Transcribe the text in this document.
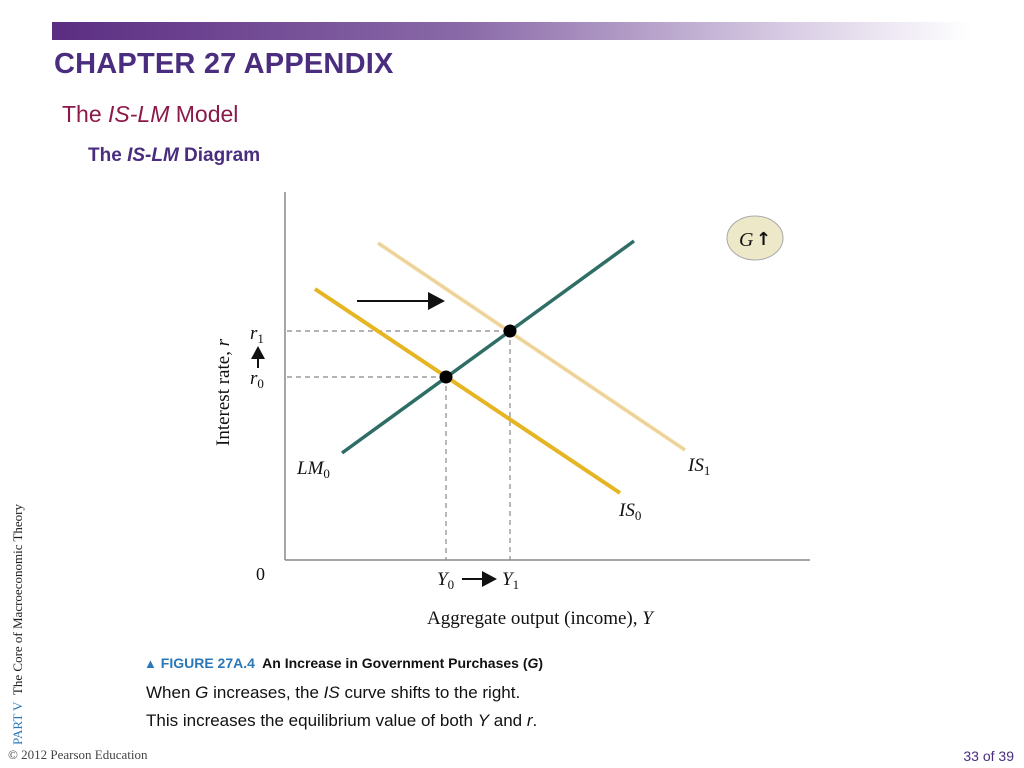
CHAPTER 27 APPENDIX
The IS-LM Model
The IS-LM Diagram
PART V  The Core of Macroeconomic Theory
G ↑
Interest rate, r
Aggregate output (income), Y
0
$r_1$
$r_0$
$Y_0$	$Y_1$
$LM_0$
$IS_0$
$IS_1$
▲ FIGURE 27A.4 An Increase in Government Purchases (G)
When G increases, the IS curve shifts to the right.
This increases the equilibrium value of both Y and r.
© 2012 Pearson Education	33 of 39
